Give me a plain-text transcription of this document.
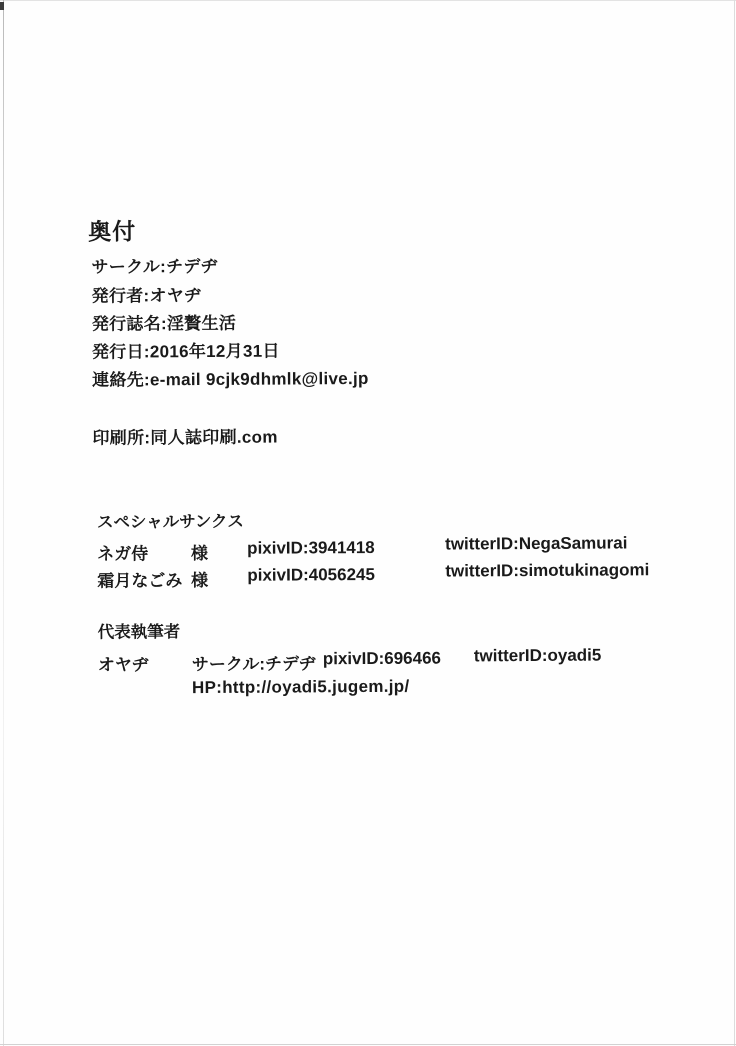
奥付
サークル:チデヂ
発行者:オヤヂ
発行誌名:淫贅生活
発行日:2016年12月31日
連絡先:e-mail 9cjk9dhmlk@live.jp
印刷所:同人誌印刷.com
スペシャルサンクス
ネガ侍	様 pixivID:3941418	twitterID:NegaSamurai
霜月なごみ 様 pixivID:4056245	twitterID:simotukinagomi
代表執筆者
オヤヂ	サークル:チデヂ pixivID:696466 twitterID:oyadi5
HP:http://oyadi5.jugem.jp/
